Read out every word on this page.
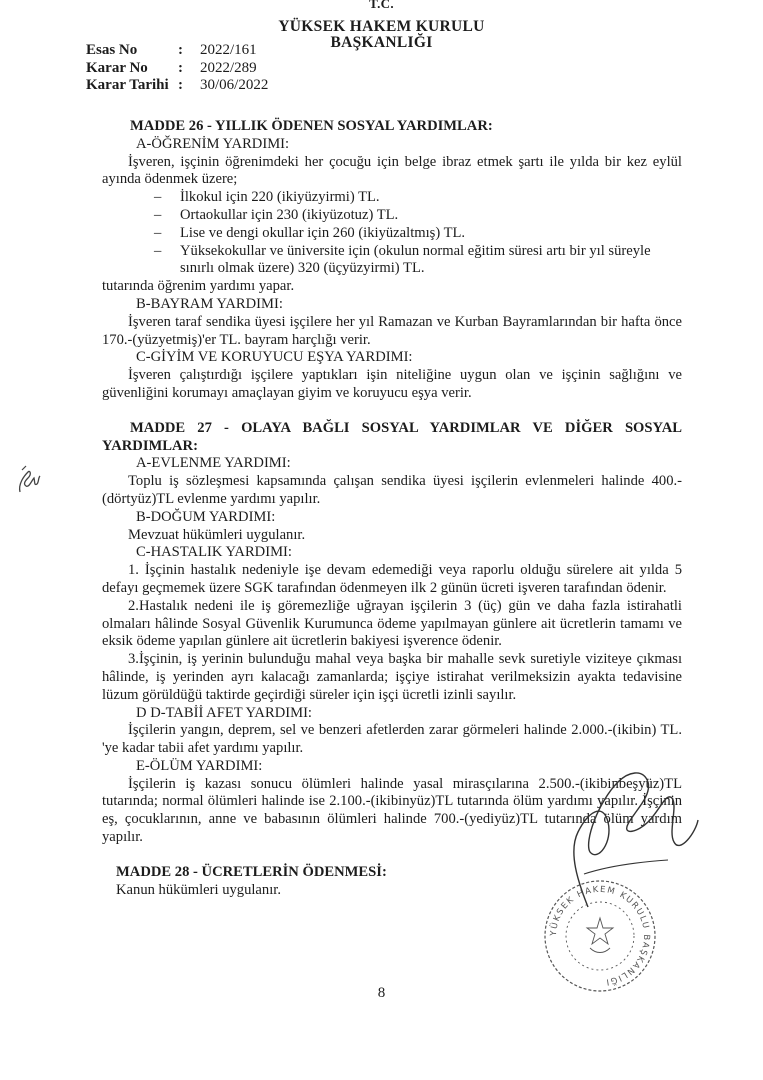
T.C.
YÜKSEK HAKEM KURULU
BAŞKANLIĞI
Esas No	: 2022/161
Karar No : 2022/289
Karar Tarihi : 30/06/2022

MADDE 26 - YILLIK ÖDENEN SOSYAL YARDIMLAR:

A-ÖĞRENİM YARDIMI:

İşveren, işçinin öğrenimdeki her çocuğu için belge ibraz etmek şartı ile yılda bir kez eylül ayında ödenmek üzere;

– İlkokul için 220 (ikiyüzyirmi) TL.

– Ortaokullar için 230 (ikiyüzotuz) TL.

– Lise ve dengi okullar için 260 (ikiyüzaltmış) TL.

– Yüksekokullar ve üniversite için (okulun normal eğitim süresi artı bir yıl süreyle sınırlı olmak üzere) 320 (üçyüzyirmi) TL.

tutarında öğrenim yardımı yapar.

B-BAYRAM YARDIMI:

İşveren taraf sendika üyesi işçilere her yıl Ramazan ve Kurban Bayramlarından bir hafta önce 170.-(yüzyetmiş)'er TL. bayram harçlığı verir.

C-GİYİM VE KORUYUCU EŞYA YARDIMI:

İşveren çalıştırdığı işçilere yaptıkları işin niteliğine uygun olan ve işçinin sağlığını ve güvenliğini korumayı amaçlayan giyim ve koruyucu eşya verir.

MADDE 27 - OLAYA BAĞLI SOSYAL YARDIMLAR VE DİĞER SOSYAL YARDIMLAR:

A-EVLENME YARDIMI:

Toplu iş sözleşmesi kapsamında çalışan sendika üyesi işçilerin evlenmeleri halinde 400.-(dörtyüz)TL evlenme yardımı yapılır.

B-DOĞUM YARDIMI:

Mevzuat hükümleri uygulanır.

C-HASTALIK YARDIMI:

1. İşçinin hastalık nedeniyle işe devam edemediği veya raporlu olduğu sürelere ait yılda 5 defayı geçmemek üzere SGK tarafından ödenmeyen ilk 2 günün ücreti işveren tarafından ödenir.

2.Hastalık nedeni ile iş göremezliğe uğrayan işçilerin 3 (üç) gün ve daha fazla istirahatli olmaları hâlinde Sosyal Güvenlik Kurumunca ödeme yapılmayan günlere ait ücretlerin tamamı ve eksik ödeme yapılan günlere ait ücretlerin bakiyesi işverence ödenir.

3.İşçinin, iş yerinin bulunduğu mahal veya başka bir mahalle sevk suretiyle viziteye çıkması hâlinde, iş yerinden ayrı kalacağı zamanlarda; işçiye istirahat verilmeksizin ayakta tedavisine lüzum görüldüğü taktirde geçirdiği süreler için işçi ücretli izinli sayılır.

D D-TABİİ AFET YARDIMI:

İşçilerin yangın, deprem, sel ve benzeri afetlerden zarar görmeleri halinde 2.000.-(ikibin) TL. 'ye kadar tabii afet yardımı yapılır.

E-ÖLÜM YARDIMI:

İşçilerin iş kazası sonucu ölümleri halinde yasal mirasçılarına 2.500.-(ikibinbeşyüz)TL tutarında; normal ölümleri halinde ise 2.100.-(ikibinyüz)TL tutarında ölüm yardımı yapılır. İşçinin eş, çocuklarının, anne ve babasının ölümleri halinde 700.-(yediyüz)TL tutarında ölüm yardım yapılır.

MADDE 28 - ÜCRETLERİN ÖDENMESİ:

Kanun hükümleri uygulanır.

8
YÜKSEK HAKEM KURULU BAŞKANLIĞI
